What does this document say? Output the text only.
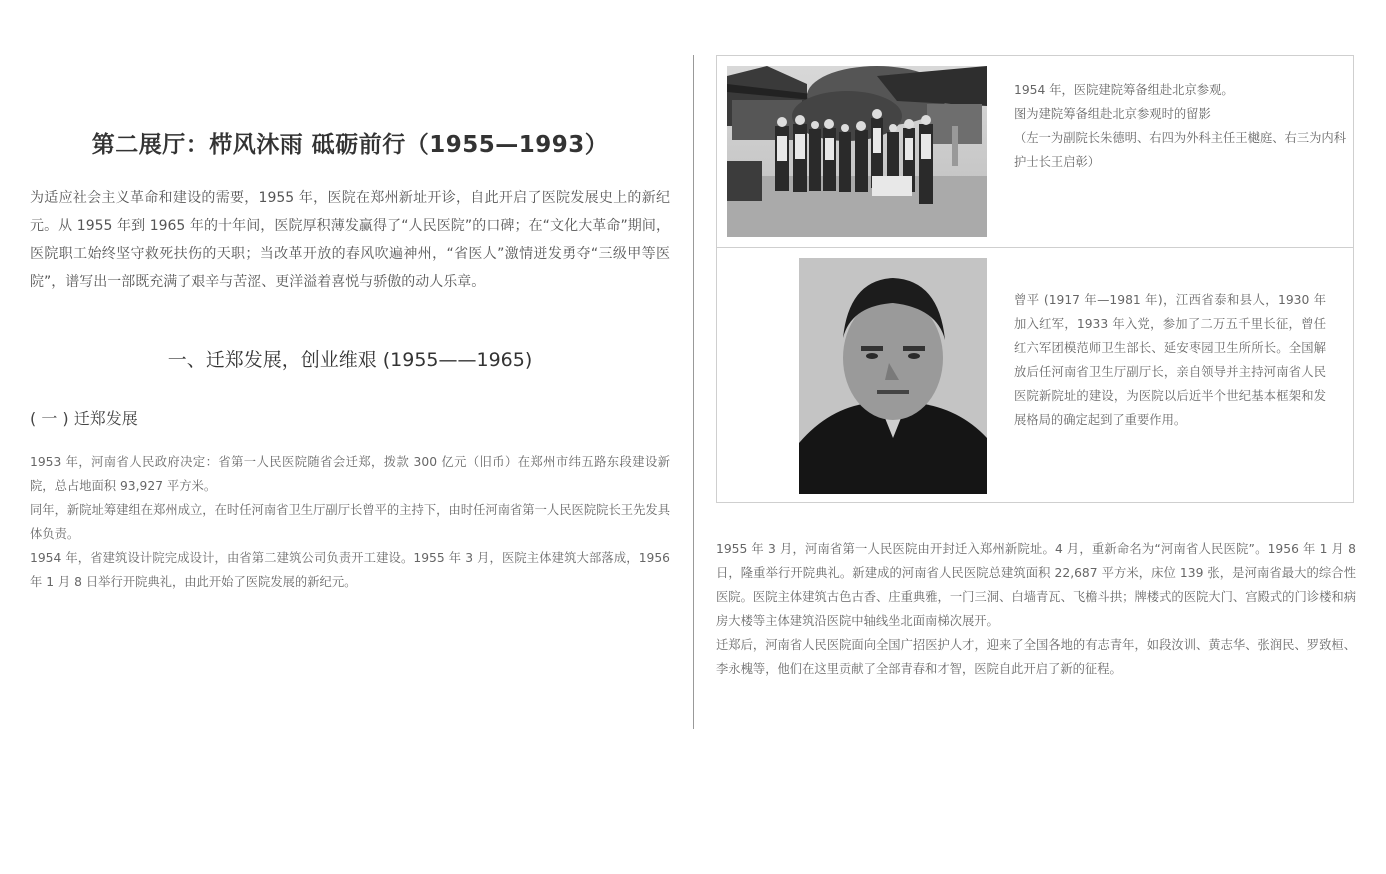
第二展厅：栉风沐雨 砥砺前行（1955—1993）

为适应社会主义革命和建设的需要，1955 年，医院在郑州新址开诊，自此开启了医院发展史上的新纪元。从 1955 年到 1965 年的十年间，医院厚积薄发赢得了“人民医院”的口碑；在“文化大革命”期间，医院职工始终坚守救死扶伤的天职；当改革开放的春风吹遍神州，“省医人”激情迸发勇夺“三级甲等医院”，谱写出一部既充满了艰辛与苦涩、更洋溢着喜悦与骄傲的动人乐章。

一、迁郑发展，创业维艰 (1955——1965)
( 一 ) 迁郑发展

1953 年，河南省人民政府决定：省第一人民医院随省会迁郑，拨款 300 亿元（旧币）在郑州市纬五路东段建设新院，总占地面积 93,927 平方米。

同年，新院址筹建组在郑州成立，在时任河南省卫生厅副厅长曾平的主持下，由时任河南省第一人民医院院长王先发具体负责。

1954 年，省建筑设计院完成设计，由省第二建筑公司负责开工建设。1955 年 3 月，医院主体建筑大部落成，1956 年 1 月 8 日举行开院典礼，由此开始了医院发展的新纪元。

1954 年，医院建院筹备组赴北京参观。
图为建院筹备组赴北京参观时的留影
（左一为副院长朱德明、右四为外科主任王樾庭、右三为内科
护士长王启彰）
曾平 (1917 年—1981 年)，江西省泰和县人，1930 年加入红军，1933 年入党，参加了二万五千里长征，曾任红六军团模范师卫生部长、延安枣园卫生所所长。全国解放后任河南省卫生厅副厅长，亲自领导并主持河南省人民医院新院址的建设，为医院以后近半个世纪基本框架和发展格局的确定起到了重要作用。

1955 年 3 月，河南省第一人民医院由开封迁入郑州新院址。4 月，重新命名为“河南省人民医院”。1956 年 1 月 8 日，隆重举行开院典礼。新建成的河南省人民医院总建筑面积 22,687 平方米，床位 139 张，是河南省最大的综合性医院。医院主体建筑古色古香、庄重典雅，一门三洞、白墙青瓦、飞檐斗拱；牌楼式的医院大门、宫殿式的门诊楼和病房大楼等主体建筑沿医院中轴线坐北面南梯次展开。

迁郑后，河南省人民医院面向全国广招医护人才，迎来了全国各地的有志青年，如段汝训、黄志华、张润民、罗致桓、李永槐等，他们在这里贡献了全部青春和才智，医院自此开启了新的征程。
